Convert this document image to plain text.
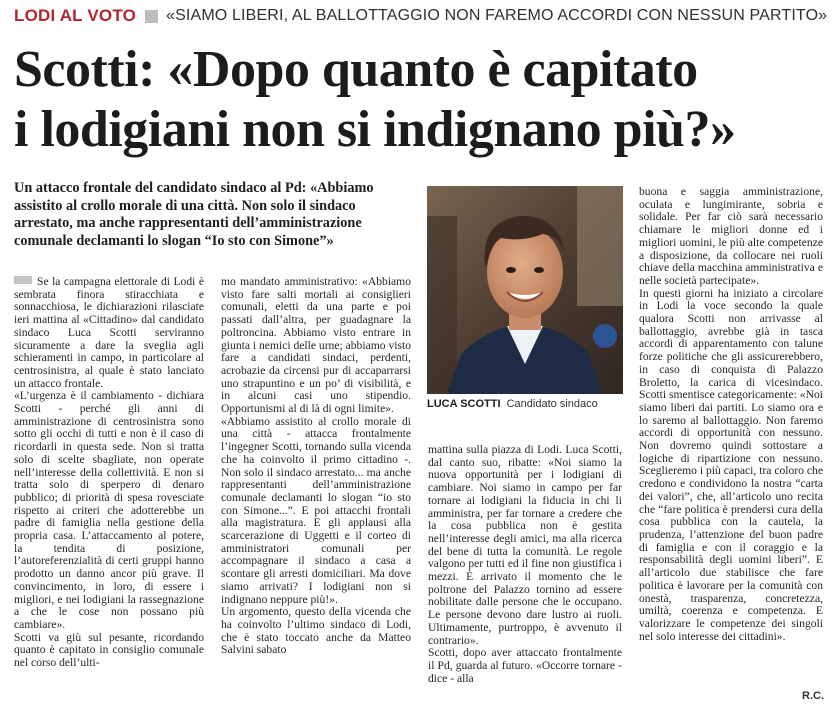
LODI AL VOTO «SIAMO LIBERI, AL BALLOTTAGGIO NON FAREMO ACCORDI CON NESSUN PARTITO»
Scotti: «Dopo quanto è capitato
i lodigiani non si indignano più?»
Un attacco frontale del candidato sindaco al Pd: «Abbiamo assistito al crollo morale di una città. Non solo il sindaco arrestato, ma anche rappresentanti dell’amministrazione comunale declamanti lo slogan “Io sto con Simone”»
LUCA SCOTTI Candidato sindaco

Se la campagna elettorale di Lodi è sembrata finora stiracchiata e sonnacchiosa, le dichiarazioni rilasciate ieri mattina al «Cittadino» dal candidato sindaco Luca Scotti serviranno sicuramente a dare la sveglia agli schieramenti in campo, in particolare al centrosinistra, al quale è stato lanciato un attacco frontale.

«L’urgenza è il cambiamento - dichiara Scotti - perché gli anni di amministrazione di centrosinistra sono sotto gli occhi di tutti e non è il caso di ricordarli in questa sede. Non si tratta solo di scelte sbagliate, non operate nell’interesse della collettività. E non si tratta solo di sperpero di denaro pubblico; di priorità di spesa rovesciate rispetto ai criteri che adotterebbe un padre di famiglia nella gestione della propria casa. L’attaccamento al potere, la tendita di posizione, l’autoreferenzialità di certi gruppi hanno prodotto un danno ancor più grave. Il convincimento, in loro, di essere i migliori, e nei lodigiani la rassegnazione a che le cose non possano più cambiare».

Scotti va giù sul pesante, ricordando quanto è capitato in consiglio comunale nel corso dell’ulti-

mo mandato amministrativo: «Abbiamo visto fare salti mortali ai consiglieri comunali, eletti da una parte e poi passati dall’altra, per guadagnare la poltroncina. Abbiamo visto entrare in giunta i nemici delle urne; abbiamo visto fare a candidati sindaci, perdenti, acrobazie da circensi pur di accaparrarsi uno strapuntino e un po’ di visibilità, e in alcuni casi uno stipendio. Opportunismi al di là di ogni limite».

«Abbiamo assistito al crollo morale di una città - attacca frontalmente l’ingegner Scotti, tornando sulla vicenda che ha coinvolto il primo cittadino -. Non solo il sindaco arrestato... ma anche rappresentanti dell’amministrazione comunale declamanti lo slogan “io sto con Simone...”. E poi attacchi frontali alla magistratura. E gli applausi alla scarcerazione di Uggetti e il corteo di amministratori comunali per accompagnare il sindaco a casa a scontare gli arresti domiciliari. Ma dove siamo arrivati? I lodigiani non si indignano neppure più!».

Un argomento, questo della vicenda che ha coinvolto l’ultimo sindaco di Lodi, che è stato toccato anche da Matteo Salvini sabato

mattina sulla piazza di Lodi. Luca Scotti, dal canto suo, ribatte: «Noi siamo la nuova opportunità per i lodigiani di cambiare. Noi siamo in campo per far tornare ai lodigiani la fiducia in chi li amministra, per far tornare a credere che la cosa pubblica non è gestita nell’interesse degli amici, ma alla ricerca del bene di tutta la comunità. Le regole valgono per tutti ed il fine non giustifica i mezzi. È arrivato il momento che le poltrone del Palazzo tornino ad essere nobilitate dalle persone che le occupano. Le persone devono dare lustro ai ruoli. Ultimamente, purtroppo, è avvenuto il contrario».

Scotti, dopo aver attaccato frontalmente il Pd, guarda al futuro. «Occorre tornare - dice - alla

buona e saggia amministrazione, oculata e lungimirante, sobria e solidale. Per far ciò sarà necessario chiamare le migliori donne ed i migliori uomini, le più alte competenze a disposizione, da collocare nei ruoli chiave della macchina amministrativa e nelle società partecipate».

In questi giorni ha iniziato a circolare in Lodi la voce secondo la quale qualora Scotti non arrivasse al ballottaggio, avrebbe già in tasca accordi di apparentamento con talune forze politiche che gli assicurerebbero, in caso di conquista di Palazzo Broletto, la carica di vicesindaco. Scotti smentisce categoricamente: «Noi siamo liberi dai partiti. Lo siamo ora e lo saremo al ballottaggio. Non faremo accordi di opportunità con nessuno. Non dovremo quindi sottostare a logiche di ripartizione con nessuno. Sceglieremo i più capaci, tra coloro che credono e condividono la nostra “carta dei valori”, che, all’articolo uno recita che “fare politica è prendersi cura della cosa pubblica con la cautela, la prudenza, l’attenzione del buon padre di famiglia e con il coraggio e la responsabilità degli uomini liberi”. E all’articolo due stabilisce che fare politica è lavorare per la comunità con onestà, trasparenza, concretezza, umiltà, coerenza e competenza. E valorizzare le competenze dei singoli nel solo interesse dei cittadini».

R.C.
